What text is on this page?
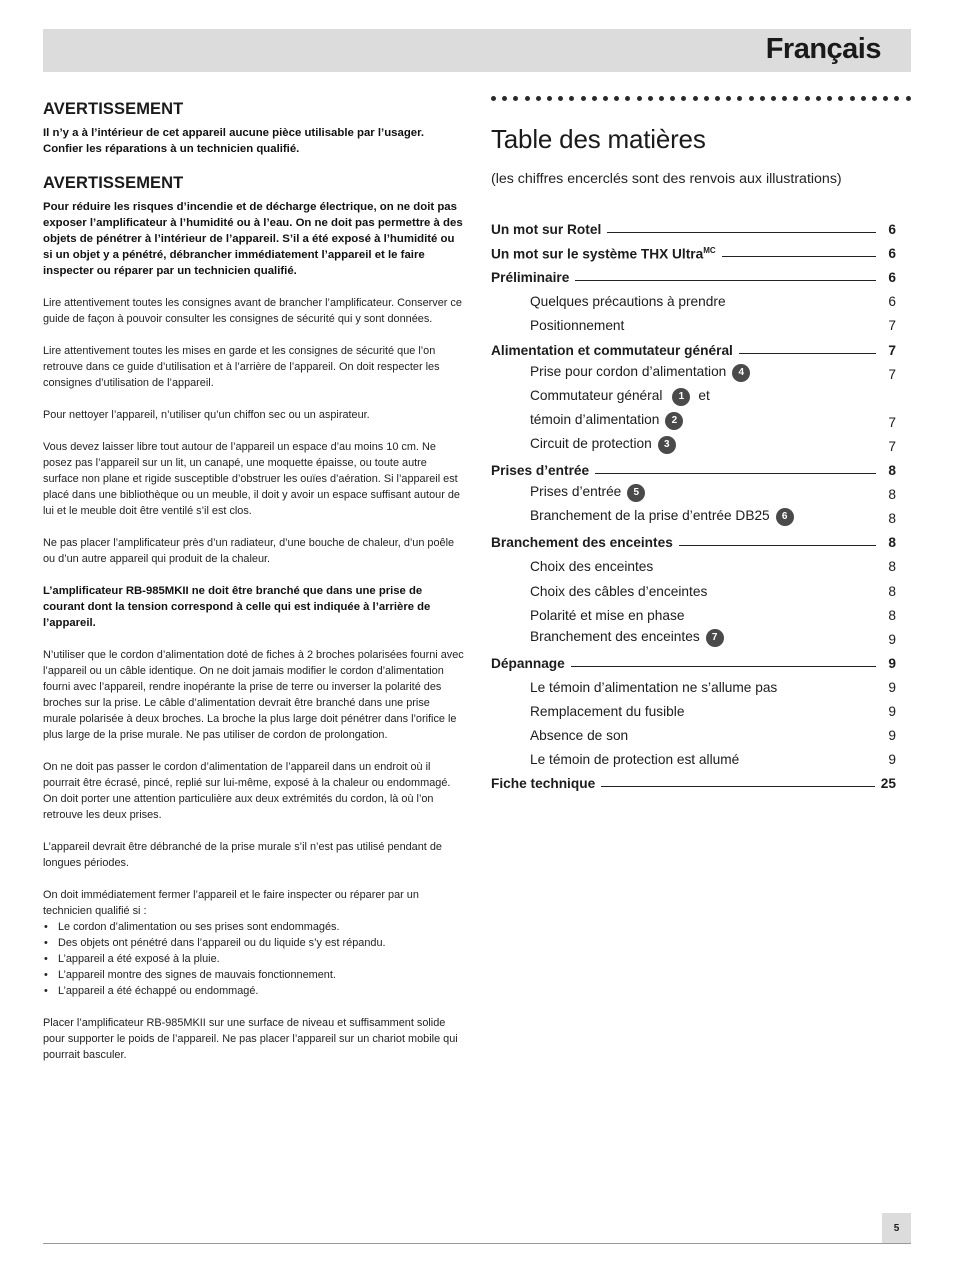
Français
AVERTISSEMENT

Il n’y a à l’intérieur de cet appareil aucune pièce utilisable par l’usager. Confier les réparations à un technicien qualifié.

AVERTISSEMENT

Pour réduire les risques d’incendie et de décharge électrique, on ne doit pas exposer l’amplificateur à l’humidité ou à l’eau. On ne doit pas permettre à des objets de pénétrer à l’intérieur de l’appareil. S’il a été exposé à l’humidité ou si un objet y a pénétré, débrancher immédiatement l’appareil et le faire inspecter ou réparer par un technicien qualifié.

Lire attentivement toutes les consignes avant de brancher l’amplificateur. Conserver ce guide de façon à pouvoir consulter les consignes de sécurité qui y sont données.

Lire attentivement toutes les mises en garde et les consignes de sécurité que l’on retrouve dans ce guide d’utilisation et à l’arrière de l’appareil. On doit respecter les consignes d’utilisation de l’appareil.

Pour nettoyer l’appareil, n’utiliser qu’un chiffon sec ou un aspirateur.

Vous devez laisser libre tout autour de l’appareil un espace d’au moins 10 cm. Ne posez pas l’appareil sur un lit, un canapé, une moquette épaisse, ou toute autre surface non plane et rigide susceptible d’obstruer les ouïes d’aération. Si l’appareil est placé dans une bibliothèque ou un meuble, il doit y avoir un espace suffisant autour de lui et le meuble doit être ventilé s’il est clos.

Ne pas placer l’amplificateur près d’un radiateur, d’une bouche de chaleur, d’un poêle ou d’un autre appareil qui produit de la chaleur.

L’amplificateur RB-985MKII ne doit être branché que dans une prise de courant dont la tension correspond à celle qui est indiquée à l’arrière de l’appareil.

N’utiliser que le cordon d’alimentation doté de fiches à 2 broches polarisées fourni avec l’appareil ou un câble identique. On ne doit jamais modifier le cordon d’alimentation fourni avec l’appareil, rendre inopérante la prise de terre ou inverser la polarité des broches sur la prise. Le câble d’alimentation devrait être branché dans une prise murale polarisée à deux broches. La broche la plus large doit pénétrer dans l’orifice le plus large de la prise murale. Ne pas utiliser de cordon de prolongation.

On ne doit pas passer le cordon d’alimentation de l’appareil dans un endroit où il pourrait être écrasé, pincé, replié sur lui-même, exposé à la chaleur ou endommagé. On doit porter une attention particulière aux deux extrémités du cordon, là où l’on retrouve les deux prises.

L’appareil devrait être débranché de la prise murale s’il n’est pas utilisé pendant de longues périodes.

On doit immédiatement fermer l’appareil et le faire inspecter ou réparer par un technicien qualifié si :

• Le cordon d’alimentation ou ses prises sont endommagés.
• Des objets ont pénétré dans l’appareil ou du liquide s’y est répandu.
• L’appareil a été exposé à la pluie.
• L’appareil montre des signes de mauvais fonctionnement.
• L’appareil a été échappé ou endommagé.

Placer l’amplificateur RB-985MKII sur une surface de niveau et suffisamment solide pour supporter le poids de l’appareil. Ne pas placer l’appareil sur un chariot mobile qui pourrait basculer.

Table des matières

(les chiffres encerclés sont des renvois aux illustrations)

Un mot sur Rotel	6
Un mot sur le système THX Ultra$^{MC}$	6
Préliminaire	6
Quelques précautions à prendre	6
Positionnement	7
Alimentation et commutateur général	7
Prise pour cordon d’alimentation 4	7
Commutateur général 1 et
témoin d’alimentation 2	7
Circuit de protection 3	7
Prises d’entrée	8
Prises d’entrée 5	8
Branchement de la prise d’entrée DB25 6	8
Branchement des enceintes	8
Choix des enceintes	8
Choix des câbles d’enceintes	8
Polarité et mise en phase	8
Branchement des enceintes 7	9
Dépannage	9
Le témoin d’alimentation ne s’allume pas	9
Remplacement du fusible	9
Absence de son	9
Le témoin de protection est allumé	9
Fiche technique	25
5
